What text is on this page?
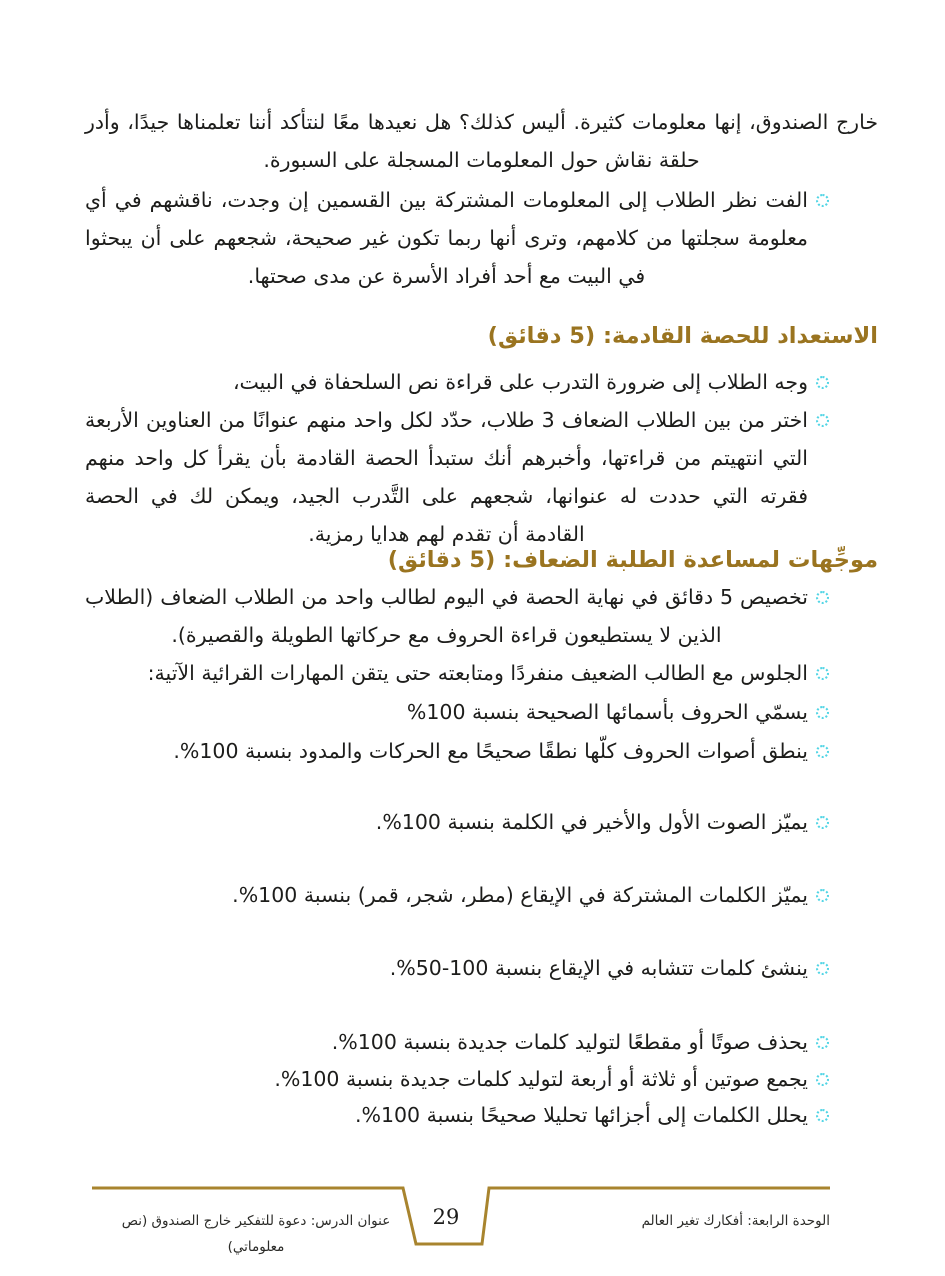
خارج الصندوق، إنها معلومات كثيرة. أليس كذلك؟ هل نعيدها معًا لنتأكد أننا تعلمناها جيدًا، وأدر حلقة نقاش حول المعلومات المسجلة على السبورة.
الفت نظر الطلاب إلى المعلومات المشتركة بين القسمين إن وجدت، ناقشهم في أي معلومة سجلتها من كلامهم، وترى أنها ربما تكون غير صحيحة، شجعهم على أن يبحثوا في البيت مع أحد أفراد الأسرة عن مدى صحتها.
الاستعداد للحصة القادمة: (5 دقائق)
وجه الطلاب إلى ضرورة التدرب على قراءة نص السلحفاة في البيت،
اختر من بين الطلاب الضعاف 3 طلاب، حدّد لكل واحد منهم عنوانًا من العناوين الأربعة التي انتهيتم من قراءتها، وأخبرهم أنك ستبدأ الحصة القادمة بأن يقرأ كل واحد منهم فقرته التي حددت له عنوانها، شجعهم على التَّدرب الجيد، ويمكن لك في الحصة القادمة أن تقدم لهم هدايا رمزية.
موجِّهات لمساعدة الطلبة الضعاف: (5 دقائق)
تخصيص 5 دقائق في نهاية الحصة في اليوم لطالب واحد من الطلاب الضعاف (الطلاب الذين لا يستطيعون قراءة الحروف مع حركاتها الطويلة والقصيرة).
الجلوس مع الطالب الضعيف منفردًا ومتابعته حتى يتقن المهارات القرائية الآتية:
يسمّي الحروف بأسمائها الصحيحة بنسبة 100%
ينطق أصوات الحروف كلّها نطقًا صحيحًا مع الحركات والمدود بنسبة 100%.
يميّز الصوت الأول والأخير في الكلمة بنسبة 100%.
يميّز الكلمات المشتركة في الإيقاع (مطر، شجر، قمر) بنسبة 100%.
ينشئ كلمات تتشابه في الإيقاع بنسبة 100-50%.
يحذف صوتًا أو مقطعًا لتوليد كلمات جديدة بنسبة 100%.
يجمع صوتين أو ثلاثة أو أربعة لتوليد كلمات جديدة بنسبة 100%.
يحلل الكلمات إلى أجزائها تحليلا صحيحًا بنسبة 100%.
29
عنوان الدرس: دعوة للتفكير خارج الصندوق (نص معلوماتي)
الوحدة الرابعة: أفكارك تغير العالم
